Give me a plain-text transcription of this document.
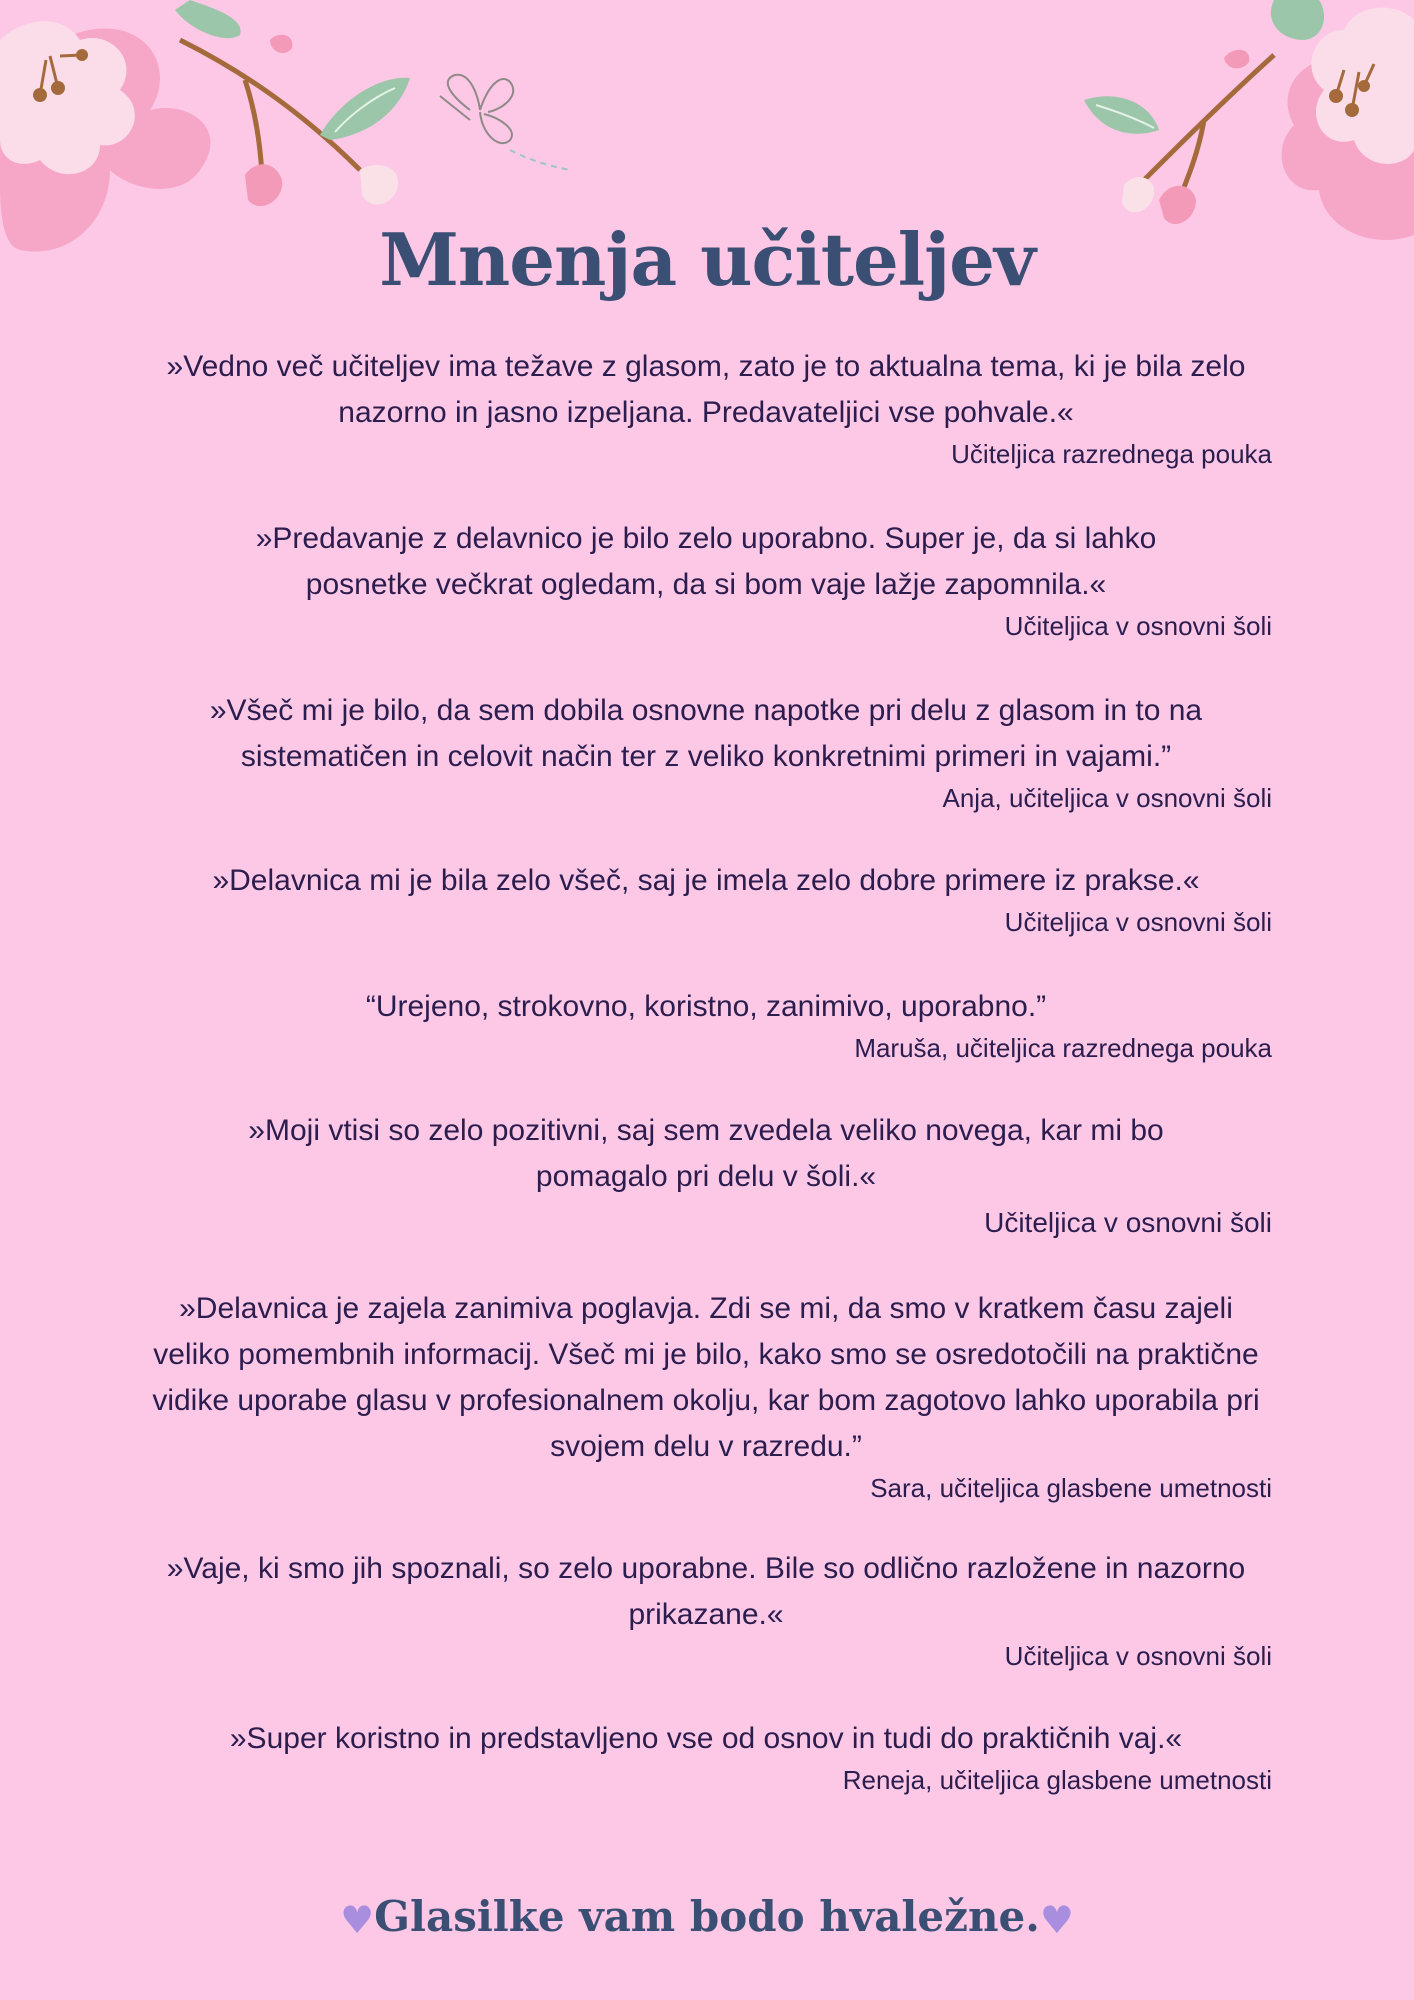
Mnenja učiteljev

»Vedno več učiteljev ima težave z glasom, zato je to aktualna tema, ki je bila zelo nazorno in jasno izpeljana. Predavateljici vse pohvale.«

Učiteljica razrednega pouka

»Predavanje z delavnico je bilo zelo uporabno. Super je, da si lahko posnetke večkrat ogledam, da si bom vaje lažje zapomnila.«

Učiteljica v osnovni šoli

»Všeč mi je bilo, da sem dobila osnovne napotke pri delu z glasom in to na sistematičen in celovit način ter z veliko konkretnimi primeri in vajami.”

Anja, učiteljica v osnovni šoli

»Delavnica mi je bila zelo všeč, saj je imela zelo dobre primere iz prakse.«

Učiteljica v osnovni šoli

“Urejeno, strokovno, koristno, zanimivo, uporabno.”

Maruša, učiteljica razrednega pouka

»Moji vtisi so zelo pozitivni, saj sem zvedela veliko novega, kar mi bo pomagalo pri delu v šoli.«

Učiteljica v osnovni šoli

»Delavnica je zajela zanimiva poglavja. Zdi se mi, da smo v kratkem času zajeli veliko pomembnih informacij. Všeč mi je bilo, kako smo se osredotočili na praktične vidike uporabe glasu v profesionalnem okolju, kar bom zagotovo lahko uporabila pri svojem delu v razredu.”

Sara, učiteljica glasbene umetnosti

»Vaje, ki smo jih spoznali, so zelo uporabne. Bile so odlično razložene in nazorno prikazane.«

Učiteljica v osnovni šoli

»Super koristno in predstavljeno vse od osnov in tudi do praktičnih vaj.«

Reneja, učiteljica glasbene umetnosti

♥Glasilke vam bodo hvaležne.♥
